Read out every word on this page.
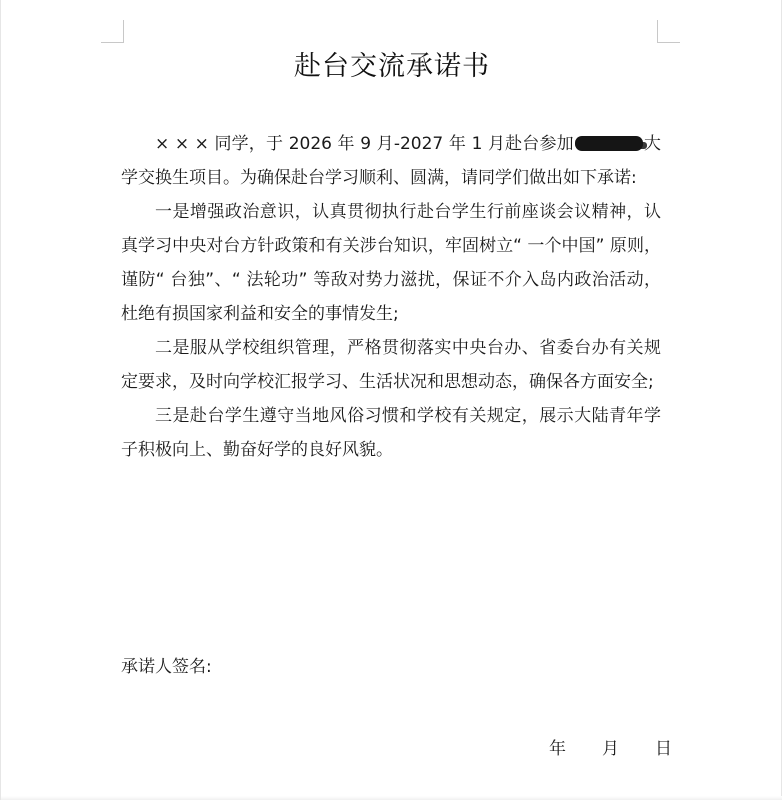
赴台交流承诺书

× × × 同学，于 2026 年 9 月-2027 年 1 月赴台参加	大学交换生项目。为确保赴台学习顺利、圆满，请同学们做出如下承诺:

一是增强政治意识，认真贯彻执行赴台学生行前座谈会议精神，认真学习中央对台方针政策和有关涉台知识，牢固树立“ 一个中国” 原则，谨防“ 台独”、“ 法轮功” 等敌对势力滋扰，保证不介入岛内政治活动，杜绝有损国家利益和安全的事情发生;

二是服从学校组织管理，严格贯彻落实中央台办、省委台办有关规定要求，及时向学校汇报学习、生活状况和思想动态，确保各方面安全;

三是赴台学生遵守当地风俗习惯和学校有关规定，展示大陆青年学子积极向上、勤奋好学的良好风貌。

承诺人签名:
年 月 日
